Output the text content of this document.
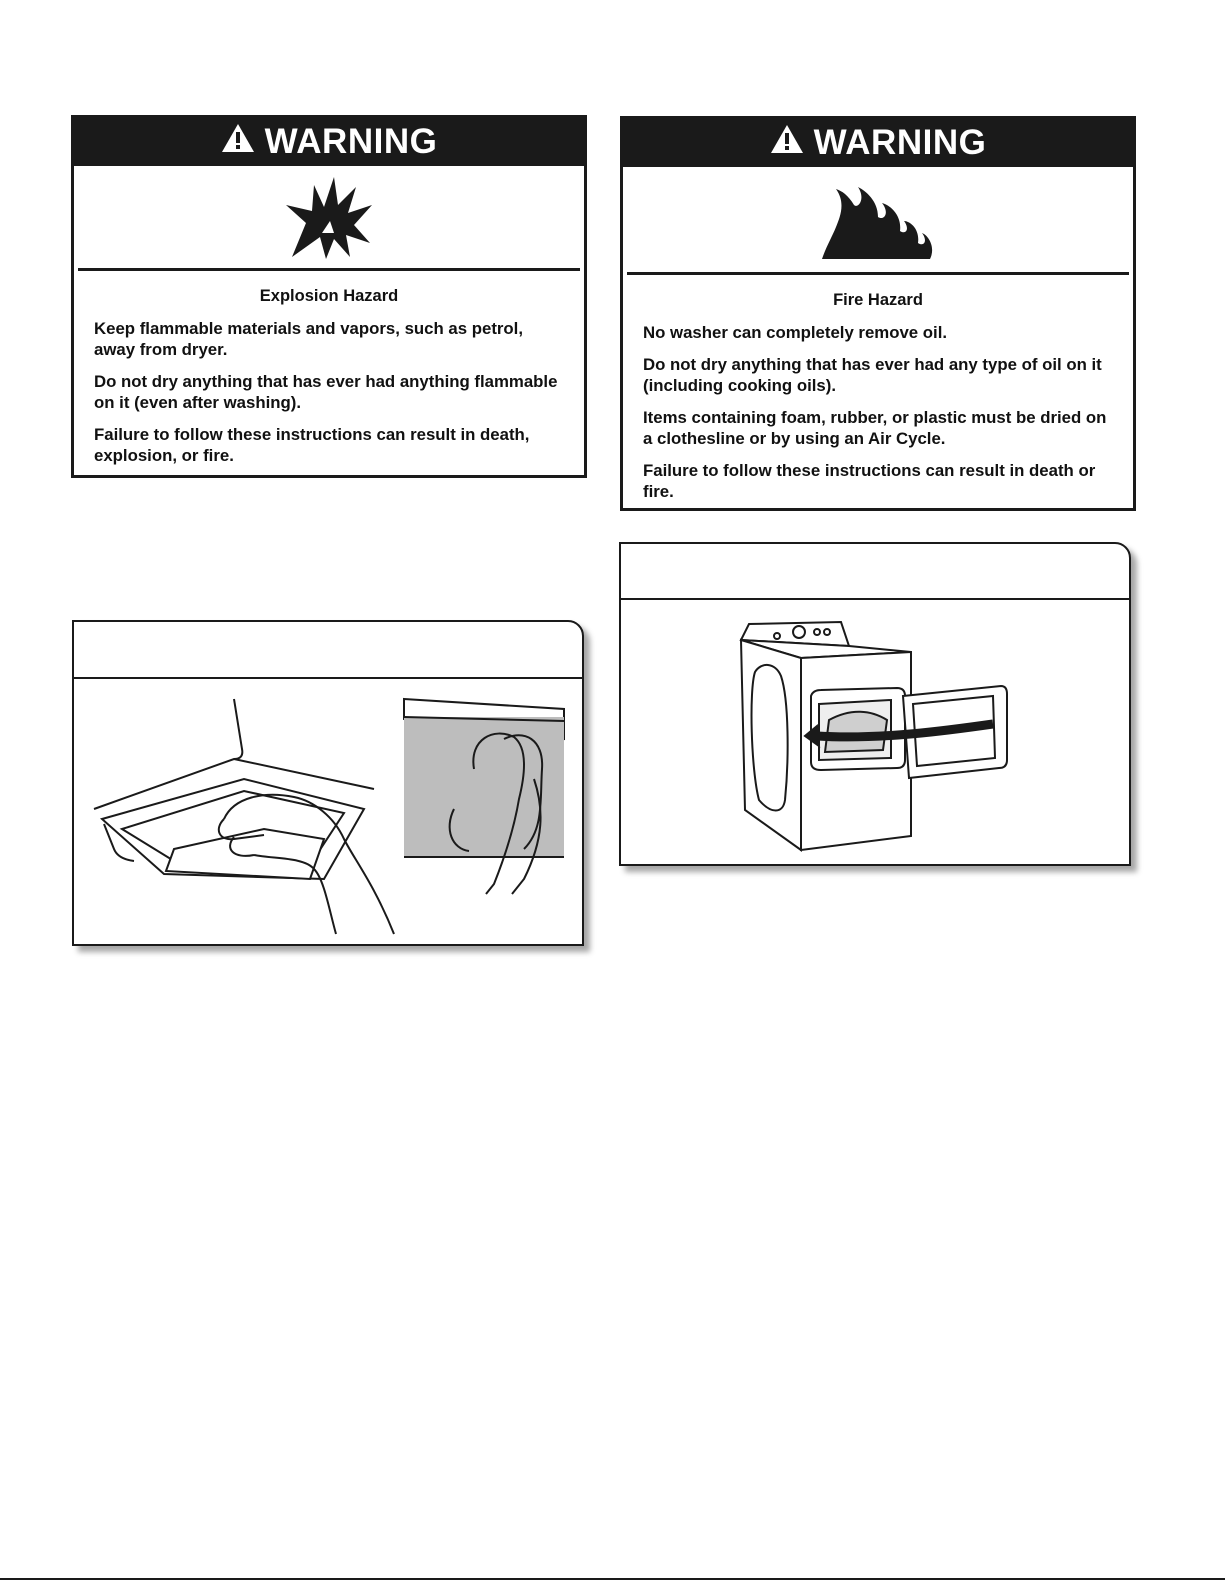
WARNING
Explosion Hazard

Keep flammable materials and vapors, such as petrol, away from dryer.

Do not dry anything that has ever had anything flammable on it (even after washing).

Failure to follow these instructions can result in death, explosion, or fire.

WARNING
Fire Hazard

No washer can completely remove oil.

Do not dry anything that has ever had any type of oil on it (including cooking oils).

Items containing foam, rubber, or plastic must be dried on a clothesline or by using an Air Cycle.

Failure to follow these instructions can result in death or fire.
